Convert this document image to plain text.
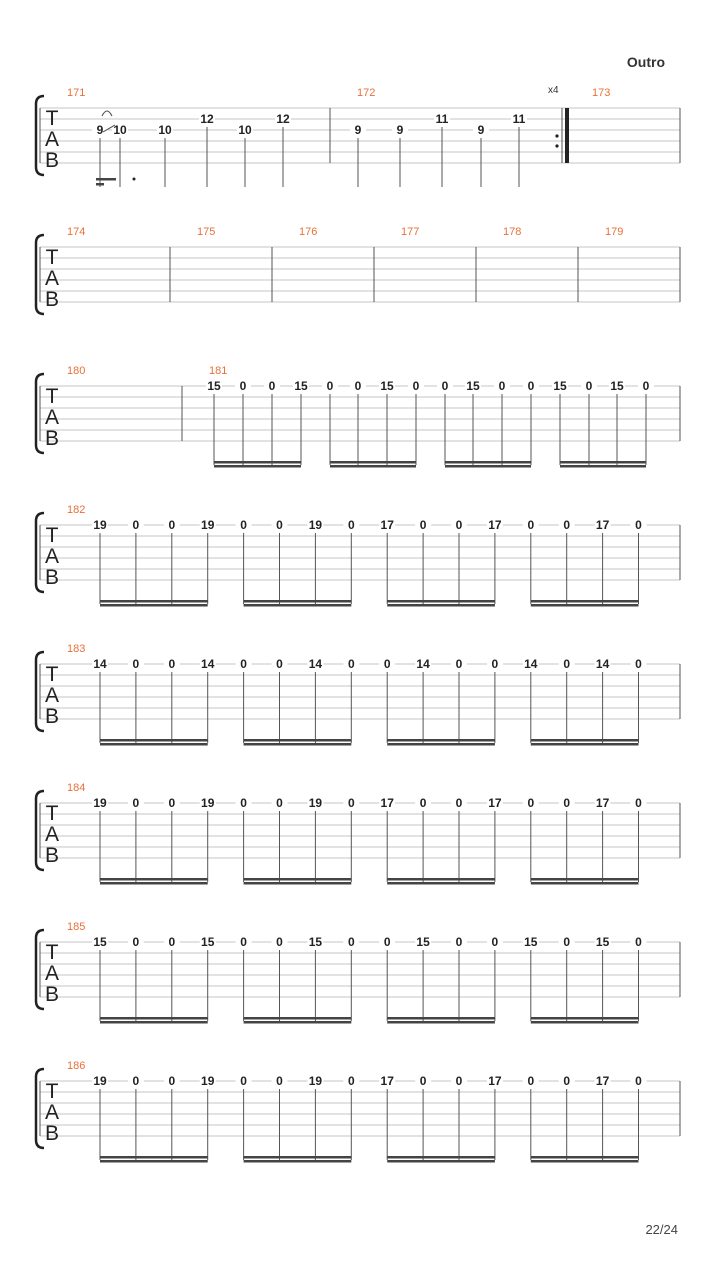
Outro
T
A
B
171
9 10	10
12
10
12
172	x4
9	9
11
9
11
173
T
A
B
174	175	176	177	178	179
T
A
B
180	181
15 0 0 15 0 0 15 0 0 15 0 0 15 0 15 0
T
A
B
182
19 0 0 19 0 0 19 0 17 0 0 17 0 0 17 0
T
A
B
183
14 0 0 14 0 0 14 0 0 14 0 0 14 0 14 0
T
A
B
184
19 0 0 19 0 0 19 0 17 0 0 17 0 0 17 0
T
A
B
185
15 0 0 15 0 0 15 0 0 15 0 0 15 0 15 0
T
A
B
186
19 0 0 19 0 0 19 0 17 0 0 17 0 0 17 0
22/24
